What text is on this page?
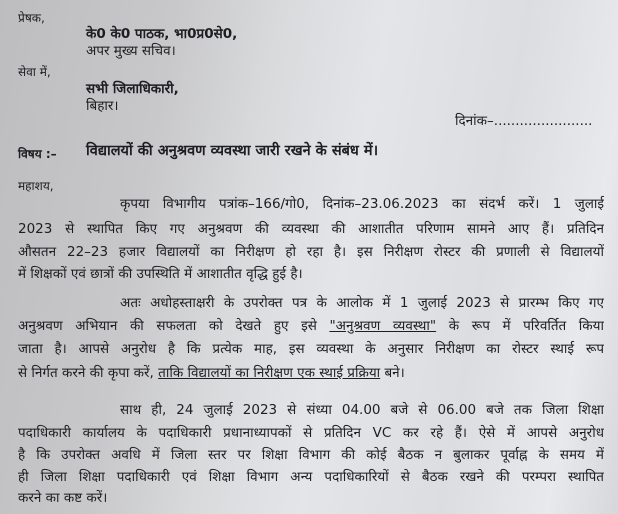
प्रेषक,
के0 के0 पाठक, भा0प्र0से0,
अपर मुख्य सचिव।
सेवा में,
सभी जिलाधिकारी,
बिहार।
दिनांक–.......................
विषय :– विद्यालयों की अनुश्रवण व्यवस्था जारी रखने के संबंध में।
महाशय,
कृपया विभागीय पत्रांक–166/गो0, दिनांक–23.06.2023 का संदर्भ करें। 1 जुलाई
2023 से स्थापित किए गए अनुश्रवण की व्यवस्था की आशातीत परिणाम सामने आए हैं। प्रतिदिन
औसतन 22–23 हजार विद्यालयों का निरीक्षण हो रहा है। इस निरीक्षण रोस्टर की प्रणाली से विद्यालयों
में शिक्षकों एवं छात्रों की उपस्थिति में आशातीत वृद्धि हुई है।
अतः अधोहस्ताक्षरी के उपरोक्त पत्र के आलोक में 1 जुलाई 2023 से प्रारम्भ किए गए
अनुश्रवण अभियान की सफलता को देखते हुए इसे "अनुश्रवण व्यवस्था" के रूप में परिवर्तित किया
जाता है। आपसे अनुरोध है कि प्रत्येक माह, इस व्यवस्था के अनुसार निरीक्षण का रोस्टर स्थाई रूप
से निर्गत करने की कृपा करें, ताकि विद्यालयों का निरीक्षण एक स्थाई प्रक्रिया बने।
साथ ही, 24 जुलाई 2023 से संध्या 04.00 बजे से 06.00 बजे तक जिला शिक्षा
पदाधिकारी कार्यालय के पदाधिकारी प्रधानाध्यापकों से प्रतिदिन VC कर रहे हैं। ऐसे में आपसे अनुरोध
है कि उपरोक्त अवधि में जिला स्तर पर शिक्षा विभाग की कोई बैठक न बुलाकर पूर्वाह्न के समय में
ही जिला शिक्षा पदाधिकारी एवं शिक्षा विभाग अन्य पदाधिकारियों से बैठक रखने की परम्परा स्थापित
करने का कष्ट करें।
